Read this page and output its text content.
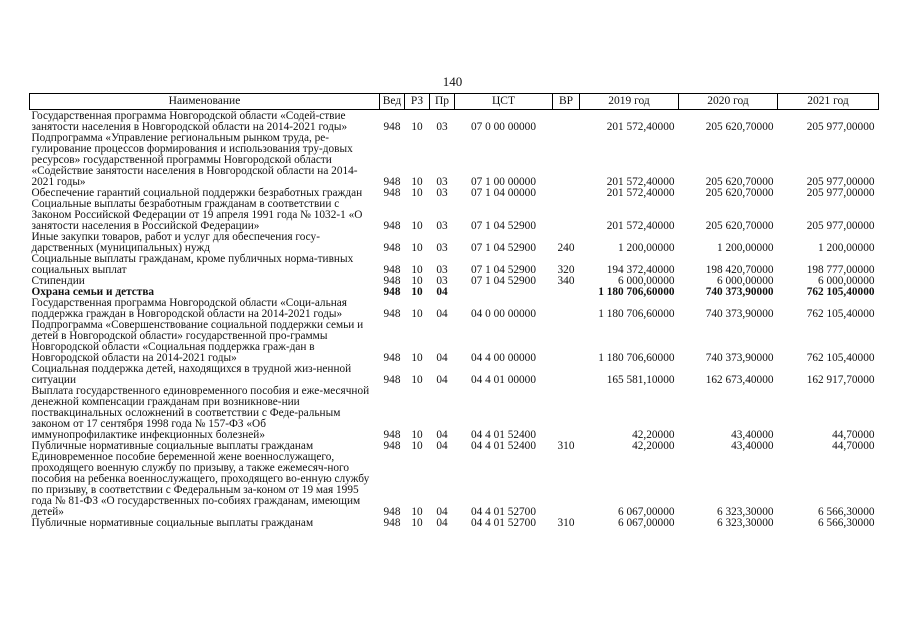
140
Наименование	Вед	РЗ	Пр	ЦСТ	ВР	2019 год	2020 год	2021 год
Государственная программа Новгородской области «Содей-ствие занятости населения в Новгородской области на 2014-2021 годы»	948	10	03	07 0 00 00000		201 572,40000	205 620,70000	205 977,00000
Подпрограмма «Управление региональным рынком труда, ре-гулирование процессов формирования и использования тру-довых ресурсов» государственной программы Новгородской области «Содействие занятости населения в Новгородской области на 2014-2021 годы»	948	10	03	07 1 00 00000		201 572,40000	205 620,70000	205 977,00000
Обеспечение гарантий социальной поддержки безработных граждан	948	10	03	07 1 04 00000		201 572,40000	205 620,70000	205 977,00000
Социальные выплаты безработным гражданам в соответствии с Законом Российской Федерации от 19 апреля 1991 года № 1032-1 «О занятости населения в Российской Федерации»	948	10	03	07 1 04 52900		201 572,40000	205 620,70000	205 977,00000
Иные закупки товаров, работ и услуг для обеспечения госу-дарственных (муниципальных) нужд	948	10	03	07 1 04 52900	240	1 200,00000	1 200,00000	1 200,00000
Социальные выплаты гражданам, кроме публичных норма-тивных социальных выплат	948	10	03	07 1 04 52900	320	194 372,40000	198 420,70000	198 777,00000
Стипендии	948	10	03	07 1 04 52900	340	6 000,00000	6 000,00000	6 000,00000
Охрана семьи и детства	948	10	04			1 180 706,60000	740 373,90000	762 105,40000
Государственная программа Новгородской области «Соци-альная поддержка граждан в Новгородской области на 2014-2021 годы»	948	10	04	04 0 00 00000		1 180 706,60000	740 373,90000	762 105,40000
Подпрограмма «Совершенствование социальной поддержки семьи и детей в Новгородской области» государственной про-граммы Новгородской области «Социальная поддержка граж-дан в Новгородской области на 2014-2021 годы»	948	10	04	04 4 00 00000		1 180 706,60000	740 373,90000	762 105,40000
Социальная поддержка детей, находящихся в трудной жиз-ненной ситуации	948	10	04	04 4 01 00000		165 581,10000	162 673,40000	162 917,70000
Выплата государственного единовременного пособия и еже-месячной денежной компенсации гражданам при возникнове-нии поствакцинальных осложнений в соответствии с Феде-ральным законом от 17 сентября 1998 года № 157-ФЗ «Об иммунопрофилактике инфекционных болезней»	948	10	04	04 4 01 52400		42,20000	43,40000	44,70000
Публичные нормативные социальные выплаты гражданам	948	10	04	04 4 01 52400	310	42,20000	43,40000	44,70000
Единовременное пособие беременной жене военнослужащего, проходящего военную службу по призыву, а также ежемесяч-ного пособия на ребенка военнослужащего, проходящего во-енную службу по призыву, в соответствии с Федеральным за-коном от 19 мая 1995 года № 81-ФЗ «О государственных по-собиях гражданам, имеющим детей»	948	10	04	04 4 01 52700		6 067,00000	6 323,30000	6 566,30000
Публичные нормативные социальные выплаты гражданам	948	10	04	04 4 01 52700	310	6 067,00000	6 323,30000	6 566,30000
